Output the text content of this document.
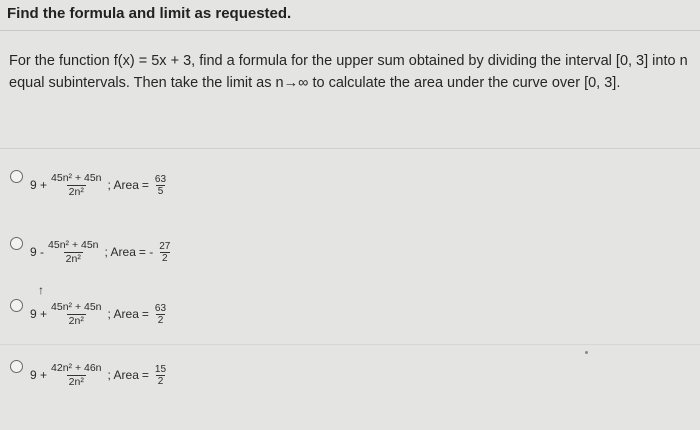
Find the formula and limit as requested.
For the function f(x) = 5x + 3, find a formula for the upper sum obtained by dividing the interval [0, 3] into n equal subintervals. Then take the limit as n→∞ to calculate the area under the curve over [0, 3].
$9 + \frac{\text{45n² + 45n}}{\text{2n²}}$ ; Area = $\frac{63}{5}$
$9 - \frac{\text{45n² + 45n}}{\text{2n²}}$ ; Area = - $\frac{27}{2}$
↑
$9 + \frac{\text{45n² + 45n}}{\text{2n²}}$ ; Area = $\frac{63}{2}$
$9 + \frac{\text{42n² + 46n}}{\text{2n²}}$ ; Area = $\frac{15}{2}$
